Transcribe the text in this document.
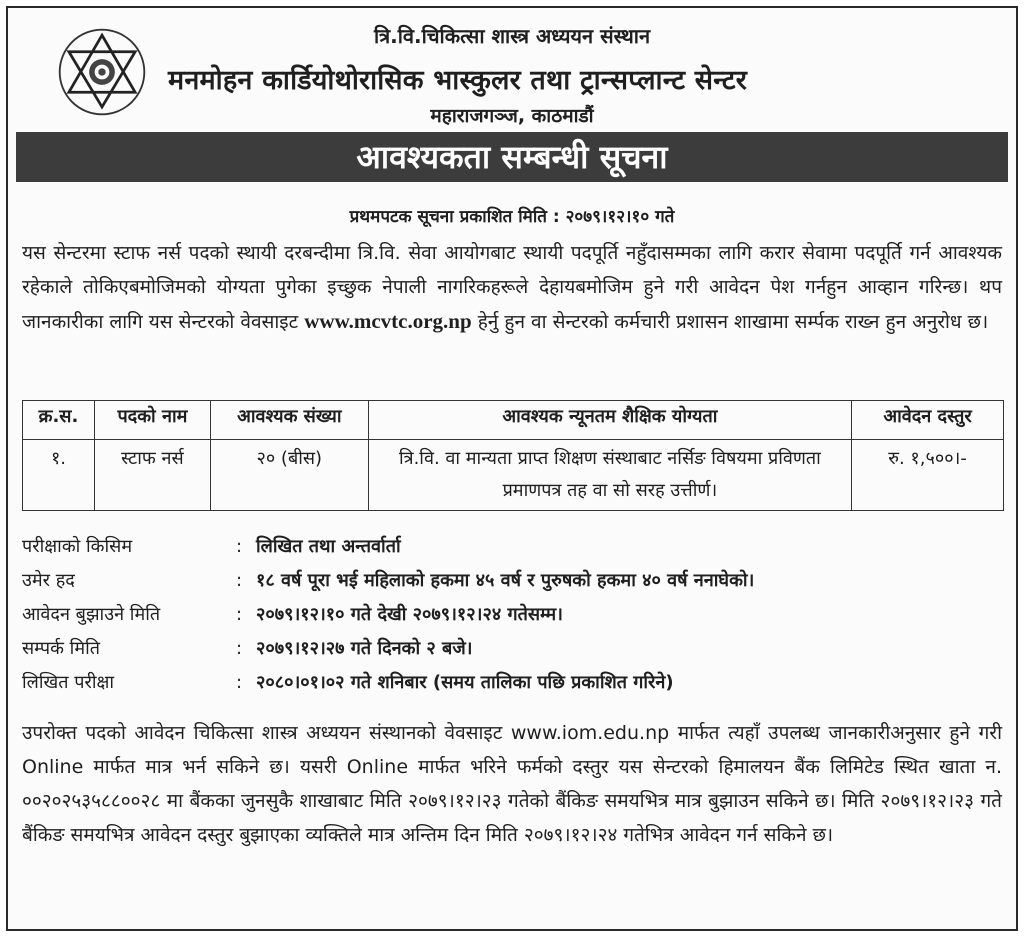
त्रि.वि.चिकित्सा शास्त्र अध्ययन संस्थान
मनमोहन कार्डियोथोरासिक भास्कुलर तथा ट्रान्सप्लान्ट सेन्टर
महाराजगञ्ज, काठमाडौं
आवश्यकता सम्बन्धी सूचना
प्रथमपटक सूचना प्रकाशित मिति : २०७९।१२।१० गते
यस सेन्टरमा स्टाफ नर्स पदको स्थायी दरबन्दीमा त्रि.वि. सेवा आयोगबाट स्थायी पदपूर्ति नहुँदासम्मका लागि करार सेवामा पदपूर्ति गर्न आवश्यक रहेकाले तोकिएबमोजिमको योग्यता पुगेका इच्छुक नेपाली नागरिकहरूले देहायबमोजिम हुने गरी आवेदन पेश गर्नहुन आव्हान गरिन्छ। थप जानकारीका लागि यस सेन्टरको वेवसाइट www.mcvtc.org.np हेर्नु हुन वा सेन्टरको कर्मचारी प्रशासन शाखामा सर्म्पक राख्न हुन अनुरोध छ।
क्र.स.	पदको नाम	आवश्यक संख्या	आवश्यक न्यूनतम शैक्षिक योग्यता	आवेदन दस्तुर
१.	स्टाफ नर्स	२० (बीस)	त्रि.वि. वा मान्यता प्राप्त शिक्षण संस्थाबाट नर्सिङ विषयमा प्रविणता प्रमाणपत्र तह वा सो सरह उत्तीर्ण।	रु. १,५००।-
परीक्षाको किसिम	: लिखित तथा अन्तर्वार्ता
उमेर हद	: १८ वर्ष पूरा भई महिलाको हकमा ४५ वर्ष र पुरुषको हकमा ४० वर्ष ननाघेको।
आवेदन बुझाउने मिति	: २०७९।१२।१० गते देखी २०७९।१२।२४ गतेसम्म।
सम्पर्क मिति	: २०७९।१२।२७ गते दिनको २ बजे।
लिखित परीक्षा	: २०८०।०१।०२ गते शनिबार (समय तालिका पछि प्रकाशित गरिने)
उपरोक्त पदको आवेदन चिकित्सा शास्त्र अध्ययन संस्थानको वेवसाइट www.iom.edu.np मार्फत त्यहाँ उपलब्ध जानकारीअनुसार हुने गरी Online मार्फत मात्र भर्न सकिने छ। यसरी Online मार्फत भरिने फर्मको दस्तुर यस सेन्टरको हिमालयन बैंक लिमिटेड स्थित खाता न. ००२०२५३५८८००२८ मा बैंकका जुनसुकै शाखाबाट मिति २०७९।१२।२३ गतेको बैंकिङ समयभित्र मात्र बुझाउन सकिने छ। मिति २०७९।१२।२३ गते बैंकिङ समयभित्र आवेदन दस्तुर बुझाएका व्यक्तिले मात्र अन्तिम दिन मिति २०७९।१२।२४ गतेभित्र आवेदन गर्न सकिने छ।
